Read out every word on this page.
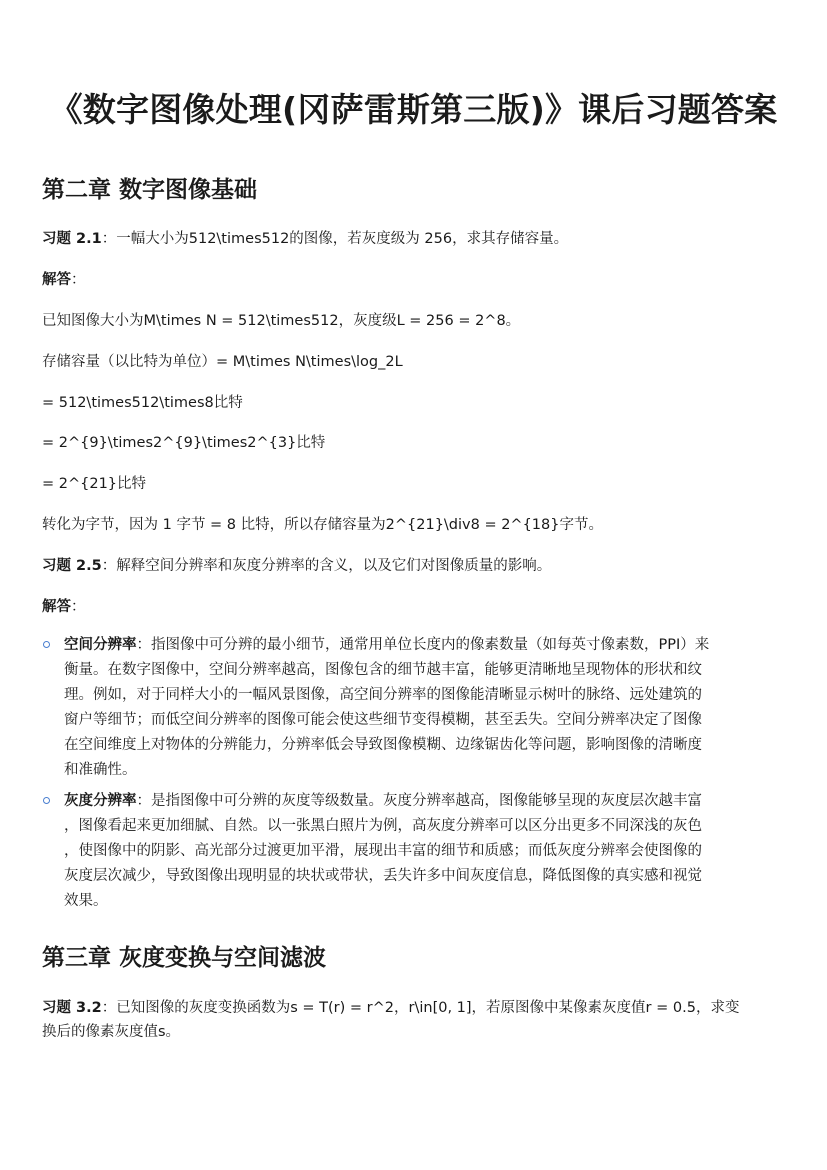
《数字图像处理(冈萨雷斯第三版)》课后习题答案
第二章 数字图像基础
习题 2.1：一幅大小为512\times512的图像，若灰度级为 256，求其存储容量。
解答：
已知图像大小为M\times N = 512\times512，灰度级L = 256 = 2^8。
存储容量（以比特为单位）= M\times N\times\log_2L
= 512\times512\times8比特
= 2^{9}\times2^{9}\times2^{3}比特
= 2^{21}比特
转化为字节，因为 1 字节 = 8 比特，所以存储容量为2^{21}\div8 = 2^{18}字节。
习题 2.5：解释空间分辨率和灰度分辨率的含义，以及它们对图像质量的影响。
解答：
空间分辨率：指图像中可分辨的最小细节，通常用单位长度内的像素数量（如每英寸像素数，PPI）来
衡量。在数字图像中，空间分辨率越高，图像包含的细节越丰富，能够更清晰地呈现物体的形状和纹
理。例如，对于同样大小的一幅风景图像，高空间分辨率的图像能清晰显示树叶的脉络、远处建筑的
窗户等细节；而低空间分辨率的图像可能会使这些细节变得模糊，甚至丢失。空间分辨率决定了图像
在空间维度上对物体的分辨能力，分辨率低会导致图像模糊、边缘锯齿化等问题，影响图像的清晰度
和准确性。
灰度分辨率：是指图像中可分辨的灰度等级数量。灰度分辨率越高，图像能够呈现的灰度层次越丰富
，图像看起来更加细腻、自然。以一张黑白照片为例，高灰度分辨率可以区分出更多不同深浅的灰色
，使图像中的阴影、高光部分过渡更加平滑，展现出丰富的细节和质感；而低灰度分辨率会使图像的
灰度层次减少，导致图像出现明显的块状或带状，丢失许多中间灰度信息，降低图像的真实感和视觉
效果。
第三章 灰度变换与空间滤波
习题 3.2：已知图像的灰度变换函数为s = T(r) = r^2，r\in[0, 1]，若原图像中某像素灰度值r = 0.5，求变
换后的像素灰度值s。
